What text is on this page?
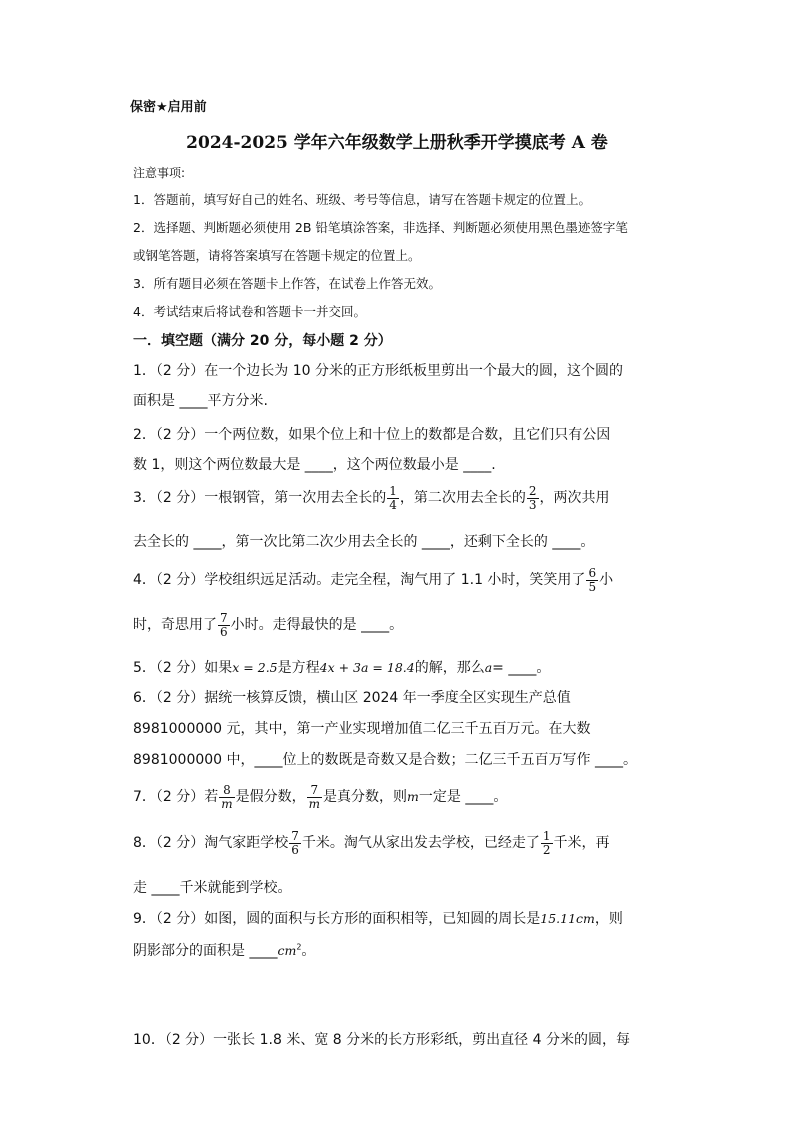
保密★启用前
2024-2025 学年六年级数学上册秋季开学摸底考 A 卷
注意事项:
1．答题前，填写好自己的姓名、班级、考号等信息，请写在答题卡规定的位置上。
2．选择题、判断题必须使用 2B 铅笔填涂答案，非选择、判断题必须使用黑色墨迹签字笔
或钢笔答题，请将答案填写在答题卡规定的位置上。
3．所有题目必须在答题卡上作答，在试卷上作答无效。
4．考试结束后将试卷和答题卡一并交回。
一．填空题（满分 20 分，每小题 2 分）
1．（2 分）在一个边长为 10 分米的正方形纸板里剪出一个最大的圆，这个圆的
面积是 ____平方分米.
2．（2 分）一个两位数，如果个位上和十位上的数都是合数，且它们只有公因
数 1，则这个两位数最大是 ____，这个两位数最小是 ____.
3．（2 分）一根钢管，第一次用去全长的 $\frac{1}{4}$ ，第二次用去全长的 $\frac{2}{3}$ ，两次共用
去全长的 ____，第一次比第二次少用去全长的 ____，还剩下全长的 ____。
4．（2 分）学校组织远足活动。走完全程，淘气用了 1.1 小时，笑笑用了 $\frac{6}{5}$ 小
时，奇思用了 $\frac{7}{6}$ 小时。走得最快的是 ____。
5．（2 分）如果x = 2.5是方程4x + 3a = 18.4的解，那么a= ____。
6．（2 分）据统一核算反馈，横山区 2024 年一季度全区实现生产总值
8981000000 元，其中，第一产业实现增加值二亿三千五百万元。在大数
8981000000 中，____位上的数既是奇数又是合数；二亿三千五百万写作 ____。
7．（2 分）若 $\frac{8}{m}$ 是假分数， $\frac{7}{m}$ 是真分数，则m一定是 ____。
8．（2 分）淘气家距学校 $\frac{7}{6}$ 千米。淘气从家出发去学校，已经走了 $\frac{1}{2}$ 千米，再
走 ____千米就能到学校。
9．（2 分）如图，圆的面积与长方形的面积相等，已知圆的周长是15.11cm，则
阴影部分的面积是 $\_\_\_\_cm^2$。
10．（2 分）一张长 1.8 米、宽 8 分米的长方形彩纸，剪出直径 4 分米的圆，每
